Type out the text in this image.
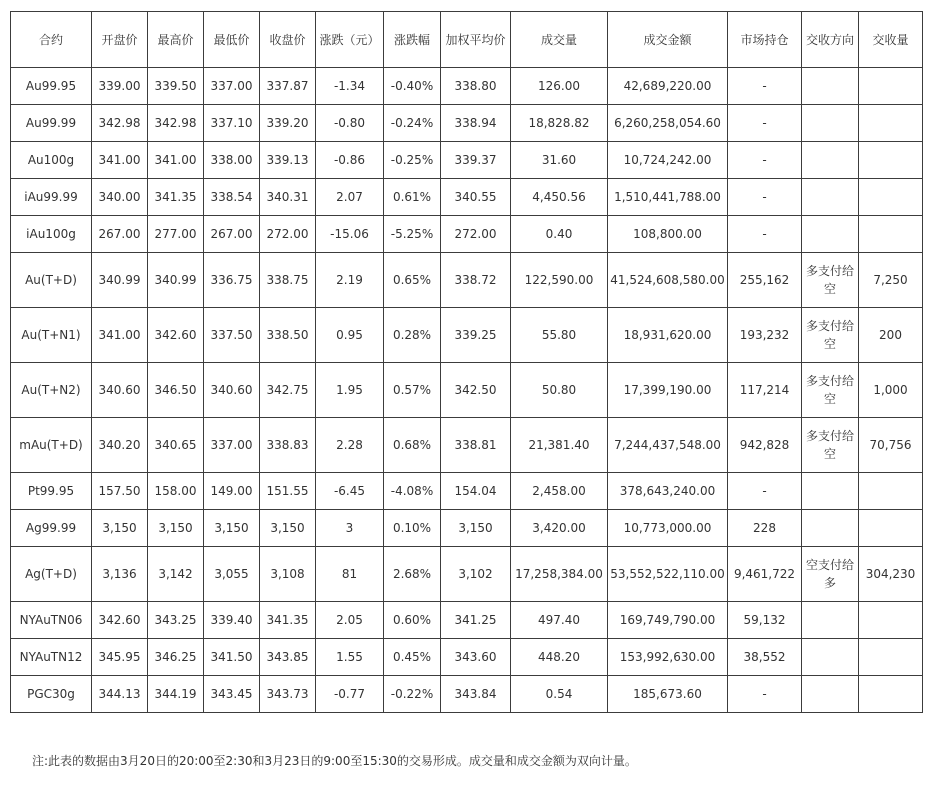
合约	开盘价	最高价	最低价	收盘价	涨跌（元）	涨跌幅	加权平均价	成交量	成交金额	市场持仓	交收方向	交收量
Au99.95	339.00	339.50	337.00	337.87	-1.34	-0.40%	338.80	126.00	42,689,220.00	-		
Au99.99	342.98	342.98	337.10	339.20	-0.80	-0.24%	338.94	18,828.82	6,260,258,054.60	-		
Au100g	341.00	341.00	338.00	339.13	-0.86	-0.25%	339.37	31.60	10,724,242.00	-		
iAu99.99	340.00	341.35	338.54	340.31	2.07	0.61%	340.55	4,450.56	1,510,441,788.00	-		
iAu100g	267.00	277.00	267.00	272.00	-15.06	-5.25%	272.00	0.40	108,800.00	-		
Au(T+D)	340.99	340.99	336.75	338.75	2.19	0.65%	338.72	122,590.00	41,524,608,580.00	255,162	多支付给空	7,250
Au(T+N1)	341.00	342.60	337.50	338.50	0.95	0.28%	339.25	55.80	18,931,620.00	193,232	多支付给空	200
Au(T+N2)	340.60	346.50	340.60	342.75	1.95	0.57%	342.50	50.80	17,399,190.00	117,214	多支付给空	1,000
mAu(T+D)	340.20	340.65	337.00	338.83	2.28	0.68%	338.81	21,381.40	7,244,437,548.00	942,828	多支付给空	70,756
Pt99.95	157.50	158.00	149.00	151.55	-6.45	-4.08%	154.04	2,458.00	378,643,240.00	-		
Ag99.99	3,150	3,150	3,150	3,150	3	0.10%	3,150	3,420.00	10,773,000.00	228		
Ag(T+D)	3,136	3,142	3,055	3,108	81	2.68%	3,102	17,258,384.00	53,552,522,110.00	9,461,722	空支付给多	304,230
NYAuTN06	342.60	343.25	339.40	341.35	2.05	0.60%	341.25	497.40	169,749,790.00	59,132		
NYAuTN12	345.95	346.25	341.50	343.85	1.55	0.45%	343.60	448.20	153,992,630.00	38,552		
PGC30g	344.13	344.19	343.45	343.73	-0.77	-0.22%	343.84	0.54	185,673.60	-		
注:此表的数据由3月20日的20:00至2:30和3月23日的9:00至15:30的交易形成。成交量和成交金额为双向计量。
